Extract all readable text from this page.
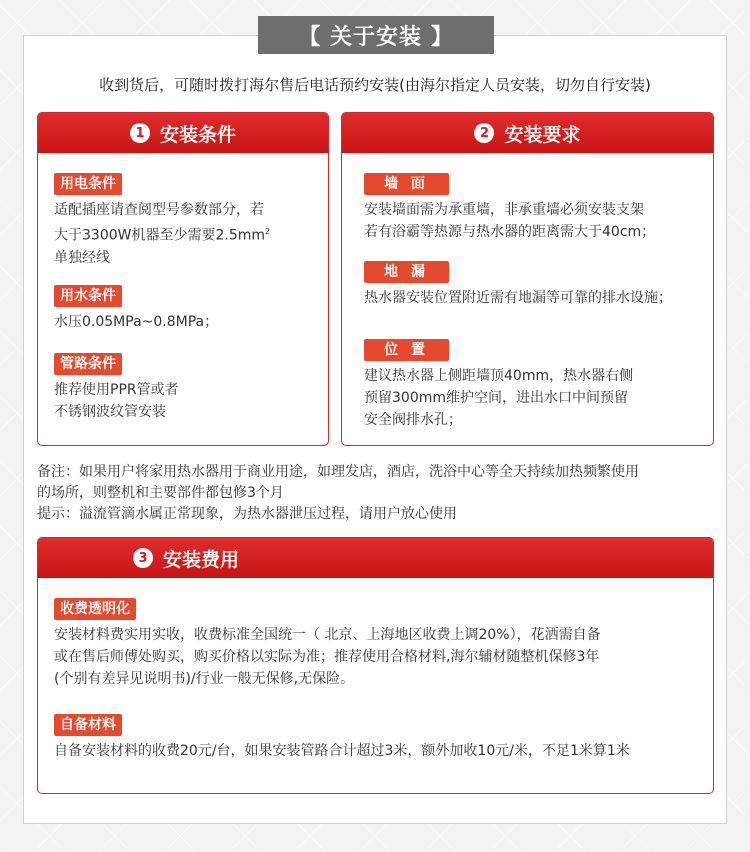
【 关于安装 】
收到货后，可随时拨打海尔售后电话预约安装(由海尔指定人员安装，切勿自行安装)
1 安装条件
用电条件
适配插座请查阅型号参数部分，若
大于3300W机器至少需要$2.5mm^2$
单独经线
用水条件
水压0.05MPa~0.8MPa；
管路条件
推荐使用PPR管或者
不锈钢波纹管安装
2 安装要求
墙 面
安装墙面需为承重墙，非承重墙必须安装支架
若有浴霸等热源与热水器的距离需大于40cm；
地 漏
热水器安装位置附近需有地漏等可靠的排水设施；
位 置
建议热水器上侧距墙顶40mm，热水器右侧
预留300mm维护空间，进出水口中间预留
安全阀排水孔；
备注：如果用户将家用热水器用于商业用途，如理发店，酒店，洗浴中心等全天持续加热频繁使用
的场所，则整机和主要部件都包修3个月
提示：溢流管滴水属正常现象，为热水器泄压过程，请用户放心使用
3 安装费用
收费透明化
安装材料费实用实收，收费标准全国统一（ 北京、上海地区收费上调20%），花洒需自备
或在售后师傅处购买，购买价格以实际为准；推荐使用合格材料,海尔辅材随整机保修3年
(个别有差异见说明书)/行业一般无保修,无保险。
自备材料
自备安装材料的收费20元/台，如果安装管路合计超过3米，额外加收10元/米，不足1米算1米
